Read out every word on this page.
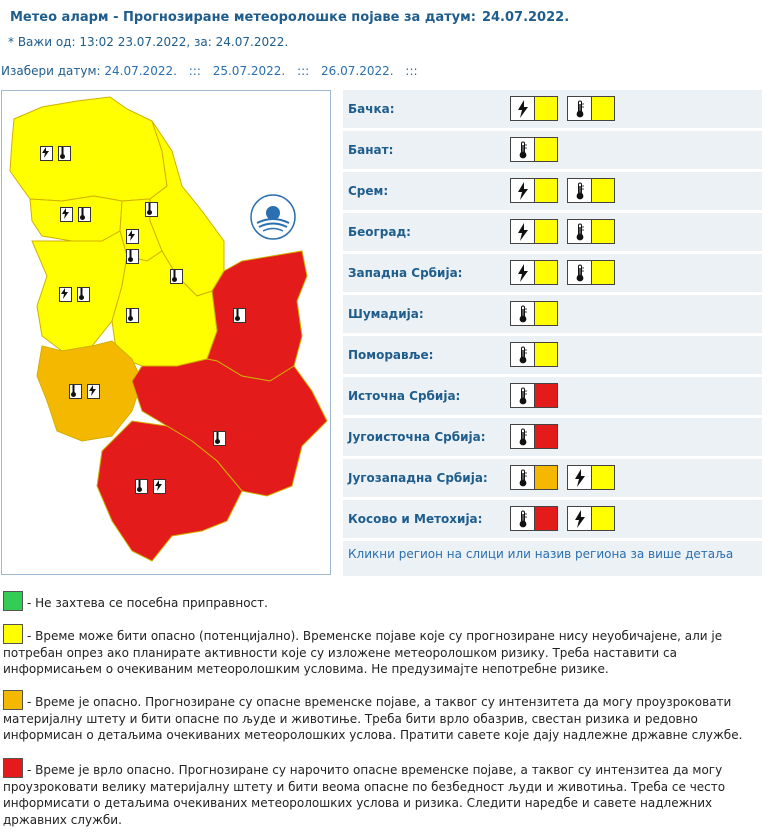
Метео аларм - Прогнозиране метеоролошке појаве за датум: 24.07.2022.
* Важи од: 13:02 23.07.2022, за: 24.07.2022.
Изабери датум: 24.07.2022. ::: 25.07.2022. ::: 26.07.2022. :::
Бачка:
Банат:
Срем:
Београд:
Западна Србија:
Шумадија:
Поморавље:
Источна Србија:
Југоисточна Србија:
Југозападна Србија:
Косово и Метохија:
Кликни регион на слици или назив региона за више детаља
- Не захтева се посебна приправност.
- Време може бити опасно (потенцијално). Временске појаве које су прогнозиране нису неуобичајене, али је потребан опрез ако планирате активности које су изложене метеоролошком ризику. Треба наставити са информисањем о очекиваним метеоролошким условима. Не предузимајте непотребне ризике.
- Време је опасно. Прогнозиране су опасне временске појаве, а таквог су интензитета да могу проузроковати материјалну штету и бити опасне по људе и животиње. Треба бити врло обазрив, свестан ризика и редовно информисан о детаљима очекиваних метеоролошких услова. Пратити савете које дају надлежне државне службе.
- Време је врло опасно. Прогнозиране су нарочито опасне временске појаве, а таквог су интензитеа да могу проузроковати велику материјалну штету и бити веома опасне по безбедност људи и животиња. Треба се често информисати о детаљима очекиваних метеоролошких услова и ризика. Следити наредбе и савете надлежних државних служби.
